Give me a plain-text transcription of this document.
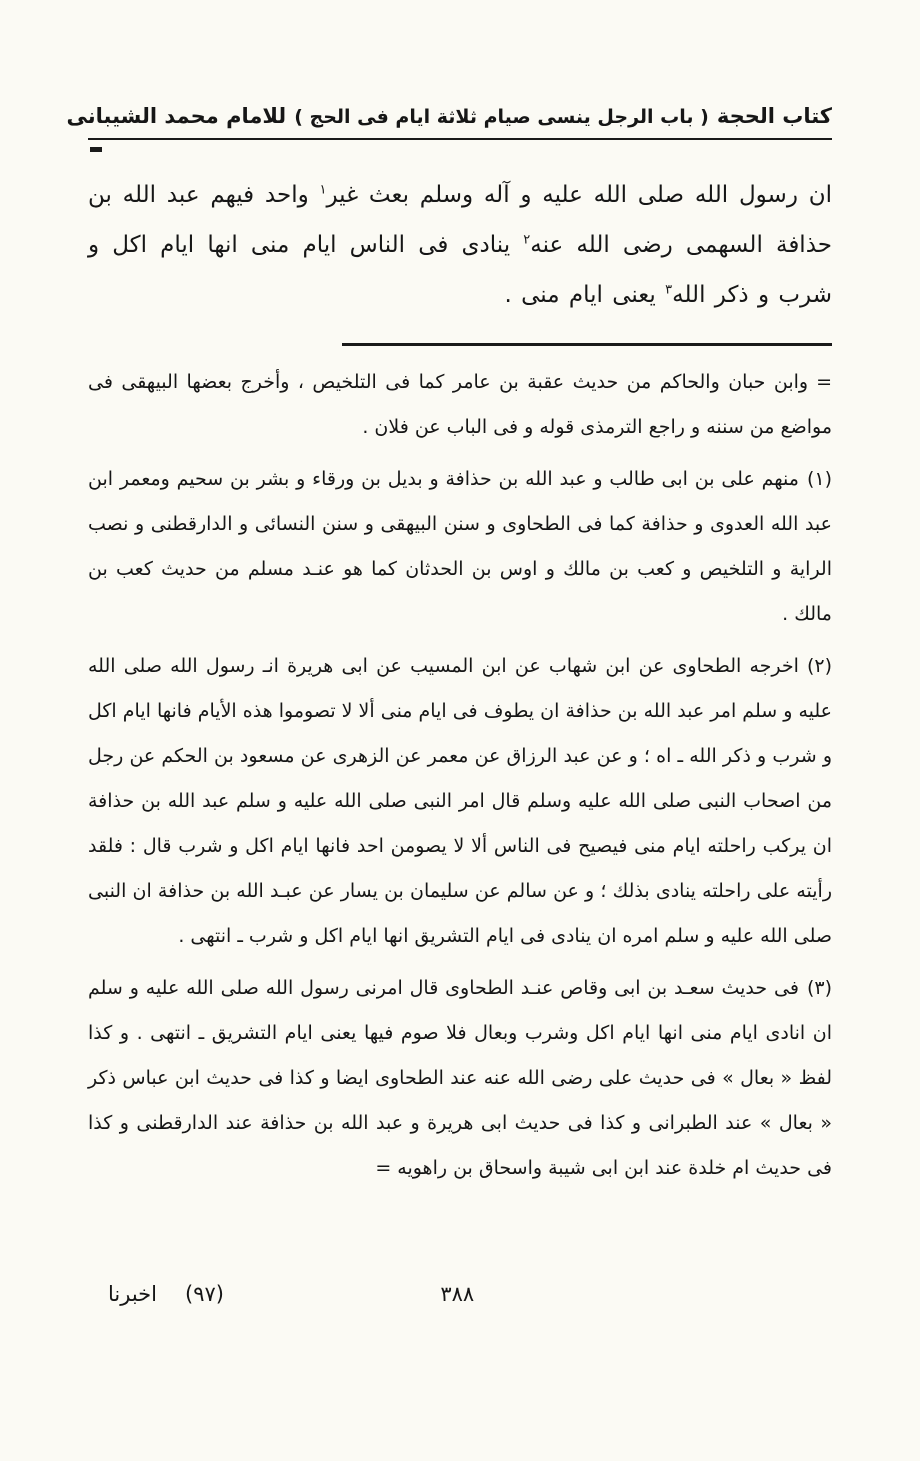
كتاب الحجة
( باب الرجل ينسى صيام ثلاثة ايام فى الحج )
للامام محمد الشيبانى

ان رسول الله صلى الله عليه و آله وسلم بعث غير$^١$ واحد فيهم عبد الله بن حذافة السهمى رضى الله عنه$^٢$ ينادى فى الناس ايام منى انها ايام اكل و شرب و ذكر الله$^٣$ يعنى ايام منى .

=وابن حبان والحاكم من حديث عقبة بن عامر كما فى التلخيص ، وأخرج بعضها البيهقى فى مواضع من سننه و راجع الترمذى قوله و فى الباب عن فلان .

(١)منهم على بن ابى طالب و عبد الله بن حذافة و بديل بن ورقاء و بشر بن سحيم ومعمر ابن عبد الله العدوى و حذافة كما فى الطحاوى و سنن البيهقى و سنن النسائى و الدارقطنى و نصب الراية و التلخيص و كعب بن مالك و اوس بن الحدثان كما هو عنـد مسلم من حديث كعب بن مالك .

(٢)اخرجه الطحاوى عن ابن شهاب عن ابن المسيب عن ابى هريرة انـ رسول الله صلى الله عليه و سلم امر عبد الله بن حذافة ان يطوف فى ايام منى ألا لا تصوموا هذه الأيام فانها ايام اكل و شرب و ذكر الله ـ اه ؛ و عن عبد الرزاق عن معمر عن الزهرى عن مسعود بن الحكم عن رجل من اصحاب النبى صلى الله عليه وسلم قال امر النبى صلى الله عليه و سلم عبد الله بن حذافة ان يركب راحلته ايام منى فيصيح فى الناس ألا لا يصومن احد فانها ايام اكل و شرب قال : فلقد رأيته على راحلته ينادى بذلك ؛ و عن سالم عن سليمان بن يسار عن عبـد الله بن حذافة ان النبى صلى الله عليه و سلم امره ان ينادى فى ايام التشريق انها ايام اكل و شرب ـ انتهى .

(٣)فى حديث سعـد بن ابى وقاص عنـد الطحاوى قال امرنى رسول الله صلى الله عليه و سلم ان انادى ايام منى انها ايام اكل وشرب وبعال فلا صوم فيها يعنى ايام التشريق ـ انتهى . و كذا لفظ « بعال » فى حديث على رضى الله عنه عند الطحاوى ايضا و كذا فى حديث ابن عباس ذكر « بعال » عند الطبرانى و كذا فى حديث ابى هريرة و عبد الله بن حذافة عند الدارقطنى و كذا فى حديث ام خلدة عند ابن ابى شيبة واسحاق بن راهويه =

اخبرنا (٩٧)	٣٨٨
